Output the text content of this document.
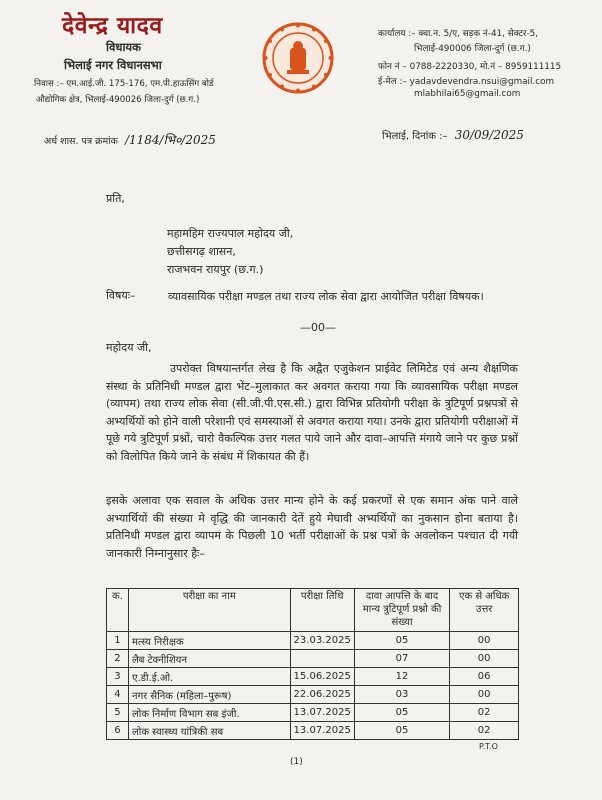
देवेन्द्र यादव
विधायक
भिलाई नगर विधानसभा
निवास :– एम.आई.जी. 175-176, एम.पी.हाऊसिंग बोर्ड
औद्योगिक क्षेत्र, भिलाई-490026 जिला-दुर्ग (छ.ग.)
कार्यालय :– क्वा.न. 5/ए, सड़क नं-41, सेक्टर-5,
भिलाई-490006 जिला-दुर्ग (छ.ग.)
फोन नं – 0788-2220330, मो.नं – 8959111115
ई-मेल :– yadavdevendra.nsui@gmail.com
mlabhilai65@gmail.com
अर्ध शास. पत्र क्रमांक /1184/भि०/2025	भिलाई, दिनांक :– 30/09/2025
प्रति,
महामहिम राज्यपाल महोदय जी,
छत्तीसगढ़ शासन,
राजभवन रायपुर (छ.ग.)
विषयः–	व्यावसायिक परीक्षा मण्डल तथा राज्य लोक सेवा द्वारा आयोजित परीक्षा विषयक।
—00—
महोदय जी,
उपरोक्त विषयान्तर्गत लेख है कि अद्वैत एजुकेशन प्राईवेट लिमिटेड एवं अन्य शैक्षणिक संस्था के प्रतिनिधी मण्डल द्वारा भेंट–मुलाकात कर अवगत कराया गया कि व्यावसायिक परीक्षा मण्डल (व्यापम) तथा राज्य लोक सेवा (सी.जी.पी.एस.सी.) द्वारा विभिन्न प्रतियोगी परीक्षा के त्रुटिपूर्ण प्रश्नपत्रों से अभ्यर्थियों को होने वाली परेशानी एवं समस्याओं से अवगत कराया गया। उनके द्वारा प्रतियोगी परीक्षाओं में पूछे गये त्रुटिपूर्ण प्रश्नों, चारो वैकल्पिक उत्तर गलत पाये जाने और दावा–आपत्ति मंगाये जाने पर कुछ प्रश्नों को विलोपित किये जाने के संबंध में शिकायत की हैं।
इसके अलावा एक सवाल के अधिक उत्तर मान्य होने के कई प्रकरणों से एक समान अंक पाने वाले अभ्यार्थियों की संख्या मे वृद्धि की जानकारी देतें हुये मेघावी अभ्यर्थियों का नुकसान होना बताया है। प्रतिनिधी मण्डल द्वारा व्यापम के पिछली 10 भर्ती परीक्षाओं के प्रश्न पत्रों के अवलोकन पश्चात दी गयी जानकारी निम्नानुसार हैः–
क.	परीक्षा का नाम	परीक्षा तिथि	दावा आपत्ति के बाद मान्य त्रुटिपूर्ण प्रश्नो की संख्या	एक से अधिक उत्तर
1	मत्स्य निरीक्षक	23.03.2025	05	00
2	लैब टेक्नीशियन		07	00
3	ए.डी.ई.ओ.	15.06.2025	12	06
4	नगर सैनिक (महिला–पुरूष)	22.06.2025	03	00
5	लोक निर्माण विभाग सब इंजी.	13.07.2025	05	02
6	लोक स्वास्थ्य यांत्रिकी सब	13.07.2025	05	02
P.T.O
(1)
